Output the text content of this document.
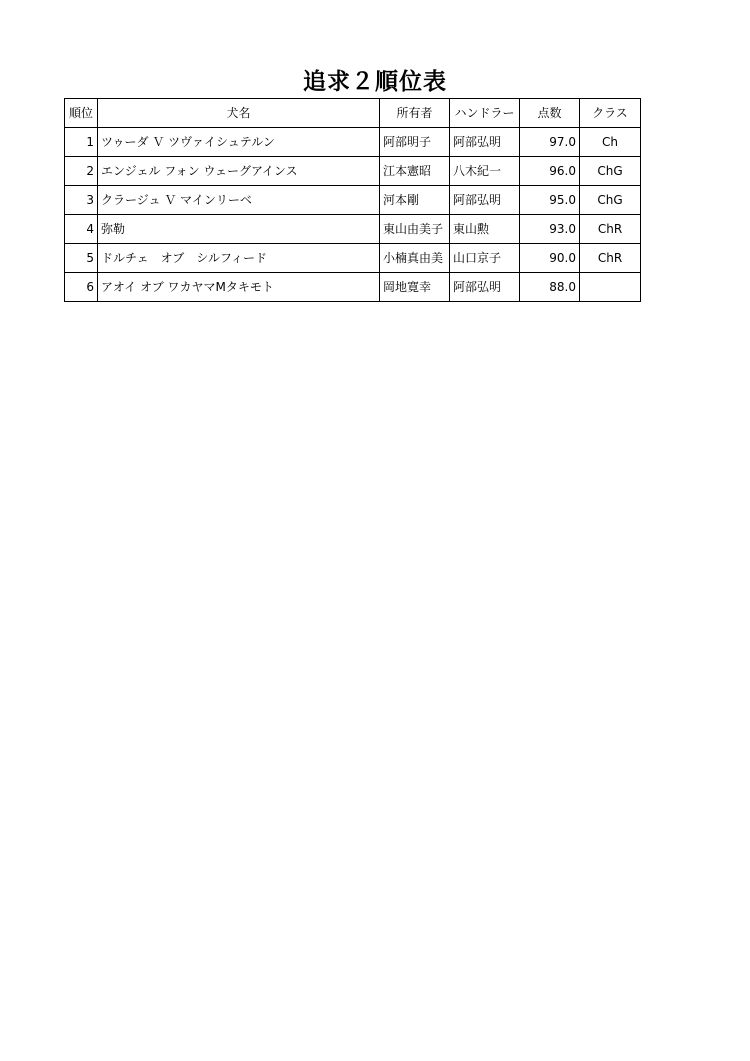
追求２順位表
順位	犬名	所有者	ハンドラー	点数	クラス
1	ツゥーダ Ｖ ツヴァイシュテルン	阿部明子	阿部弘明	97.0	Ch
2	エンジェル フォン ウェーグアインス	江本憲昭	八木紀一	96.0	ChG
3	クラージュ Ｖ マインリーベ	河本剛	阿部弘明	95.0	ChG
4	弥勒	東山由美子	東山勲	93.0	ChR
5	ドルチェ　オブ　シルフィード	小楠真由美	山口京子	90.0	ChR
6	アオイ オブ ワカヤマMタキモト	岡地寛幸	阿部弘明	88.0	
